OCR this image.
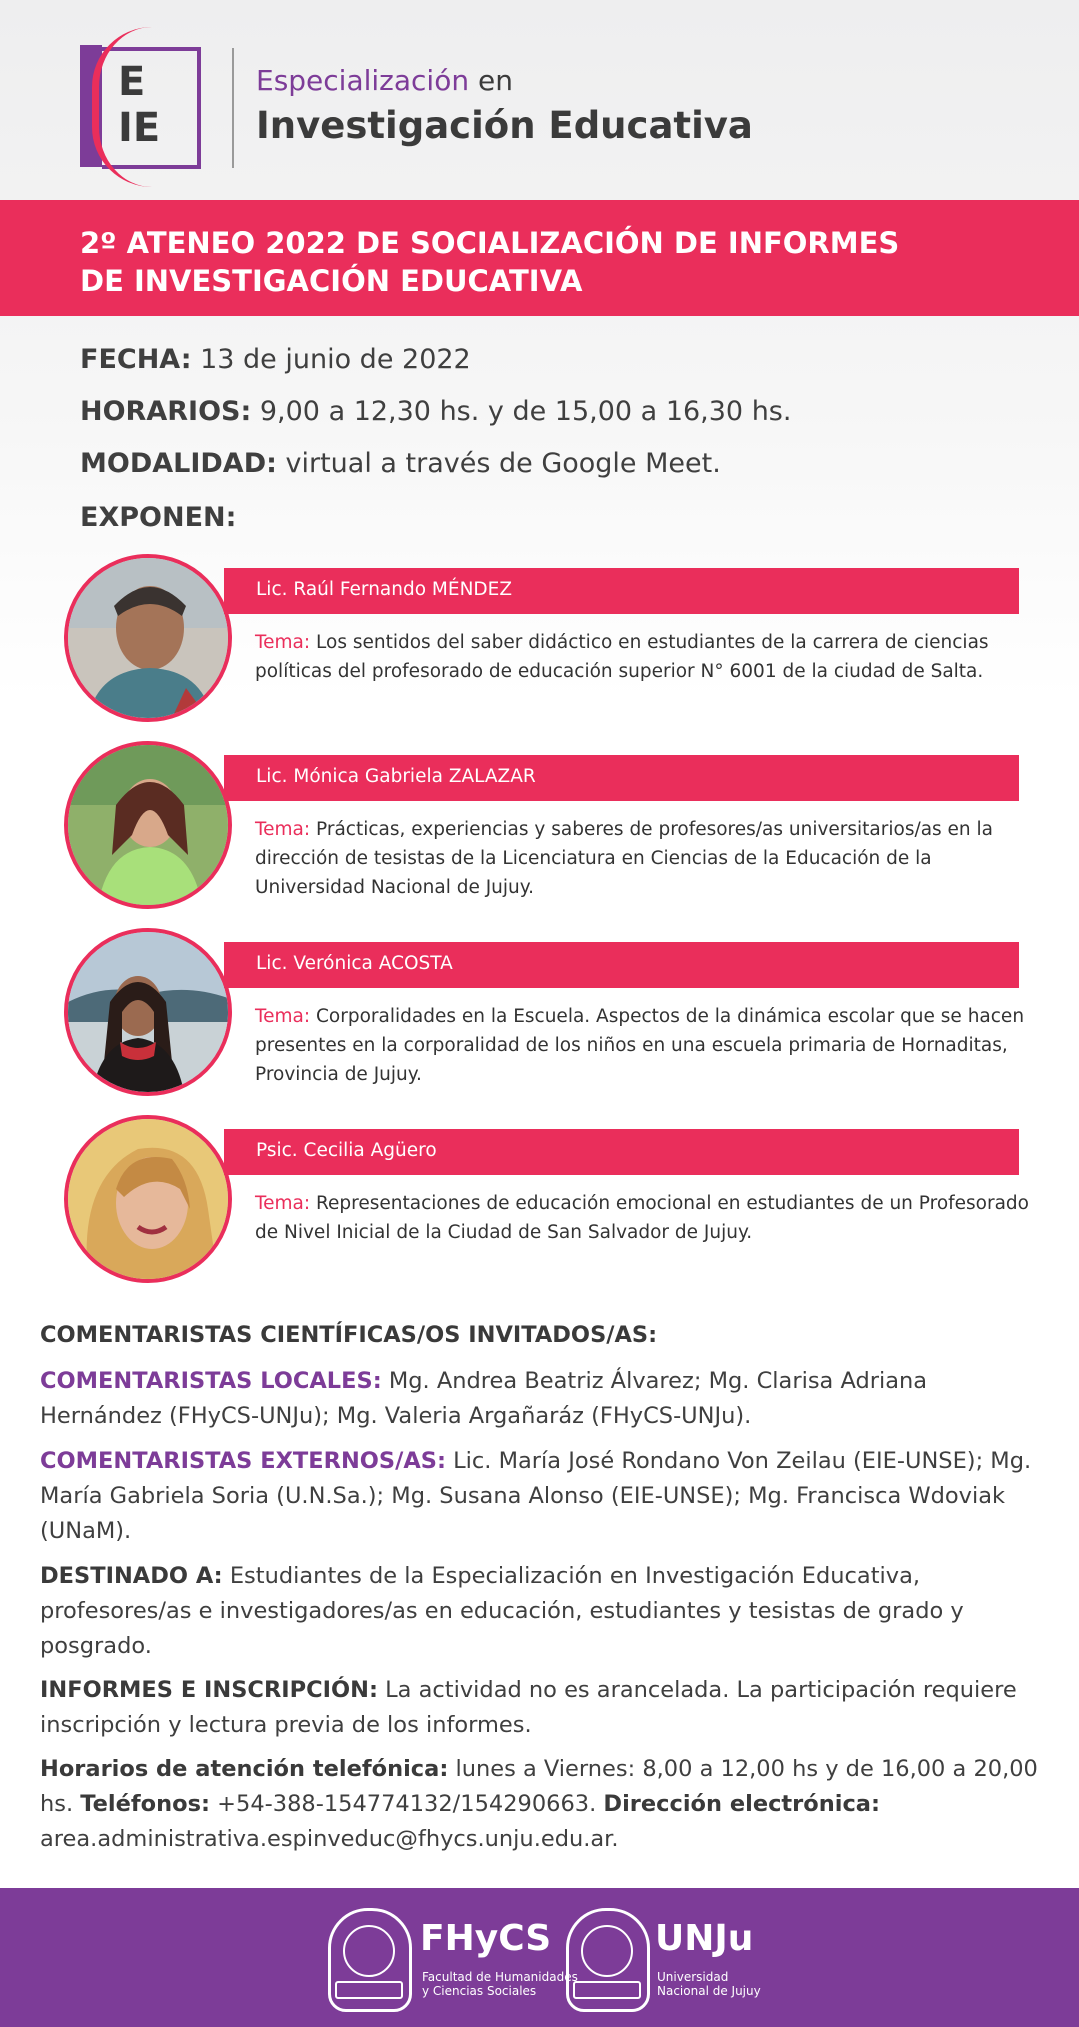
E
IE
Especialización en
Investigación Educativa
2º ATENEO 2022 DE SOCIALIZACIÓN DE INFORMES
DE INVESTIGACIÓN EDUCATIVA
FECHA: 13 de junio de 2022
HORARIOS: 9,00 a 12,30 hs. y de 15,00 a 16,30 hs.
MODALIDAD: virtual a través de Google Meet.
EXPONEN:
Lic. Raúl Fernando MÉNDEZ
Tema: Los sentidos del saber didáctico en estudiantes de la carrera de ciencias políticas del profesorado de educación superior N° 6001 de la ciudad de Salta.
Lic. Mónica Gabriela ZALAZAR
Tema: Prácticas, experiencias y saberes de profesores/as universitarios/as en la dirección de tesistas de la Licenciatura en Ciencias de la Educación de la Universidad Nacional de Jujuy.
Lic. Verónica ACOSTA
Tema: Corporalidades en la Escuela. Aspectos de la dinámica escolar que se hacen presentes en la corporalidad de los niños en una escuela primaria de Hornaditas, Provincia de Jujuy.
Psic. Cecilia Agüero
Tema: Representaciones de educación emocional en estudiantes de un Profesorado de Nivel Inicial de la Ciudad de San Salvador de Jujuy.
COMENTARISTAS CIENTÍFICAS/OS INVITADOS/AS:
COMENTARISTAS LOCALES: Mg. Andrea Beatriz Álvarez; Mg. Clarisa Adriana Hernández (FHyCS-UNJu); Mg. Valeria Argañaráz (FHyCS-UNJu).
COMENTARISTAS EXTERNOS/AS: Lic. María José Rondano Von Zeilau (EIE-UNSE); Mg. María Gabriela Soria (U.N.Sa.); Mg. Susana Alonso (EIE-UNSE); Mg. Francisca Wdoviak (UNaM).
DESTINADO A: Estudiantes de la Especialización en Investigación Educativa, profesores/as e investigadores/as en educación, estudiantes y tesistas de grado y posgrado.
INFORMES E INSCRIPCIÓN: La actividad no es arancelada. La participación requiere inscripción y lectura previa de los informes.
Horarios de atención telefónica: lunes a Viernes: 8,00 a 12,00 hs y de 16,00 a 20,00 hs. Teléfonos: +54-388-154774132/154290663. Dirección electrónica: area.administrativa.espinveduc@fhycs.unju.edu.ar.
FHyCS
Facultad de Humanidades
y Ciencias Sociales
UNJu
Universidad
Nacional de Jujuy
